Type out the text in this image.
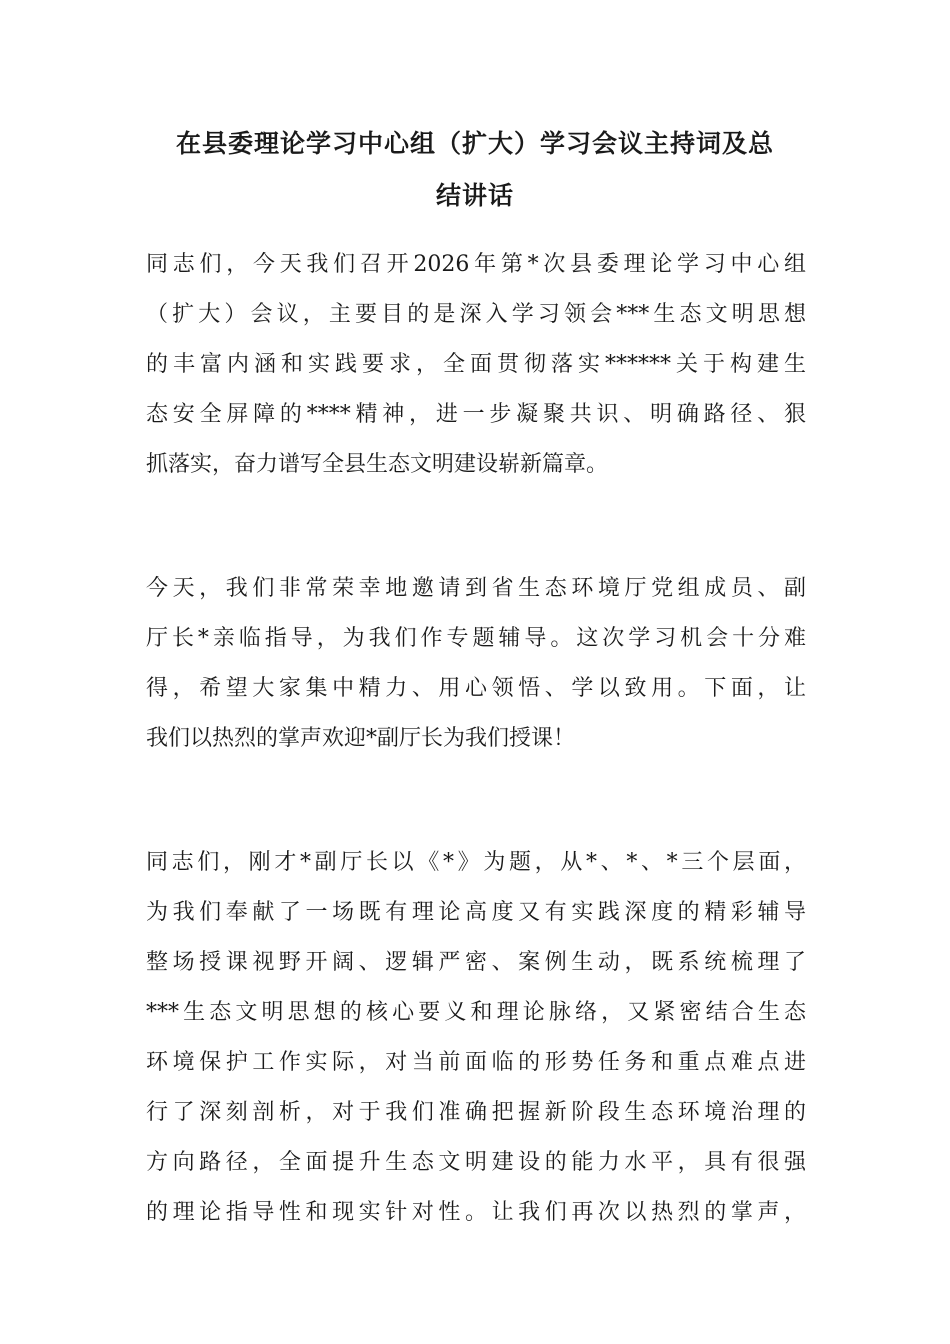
在县委理论学习中心组（扩大）学习会议主持词及总
结讲话
同志们，今天我们召开2026年第*次县委理论学习中心组
（扩大）会议，主要目的是深入学习领会***生态文明思想
的丰富内涵和实践要求，全面贯彻落实******关于构建生
态安全屏障的****精神，进一步凝聚共识、明确路径、狠
抓落实，奋力谱写全县生态文明建设崭新篇章。
今天，我们非常荣幸地邀请到省生态环境厅党组成员、副
厅长*亲临指导，为我们作专题辅导。这次学习机会十分难
得，希望大家集中精力、用心领悟、学以致用。下面，让
我们以热烈的掌声欢迎*副厅长为我们授课！
同志们，刚才*副厅长以《*》为题，从*、*、*三个层面，
为我们奉献了一场既有理论高度又有实践深度的精彩辅导
整场授课视野开阔、逻辑严密、案例生动，既系统梳理了
***生态文明思想的核心要义和理论脉络，又紧密结合生态
环境保护工作实际，对当前面临的形势任务和重点难点进
行了深刻剖析，对于我们准确把握新阶段生态环境治理的
方向路径，全面提升生态文明建设的能力水平，具有很强
的理论指导性和现实针对性。让我们再次以热烈的掌声，
